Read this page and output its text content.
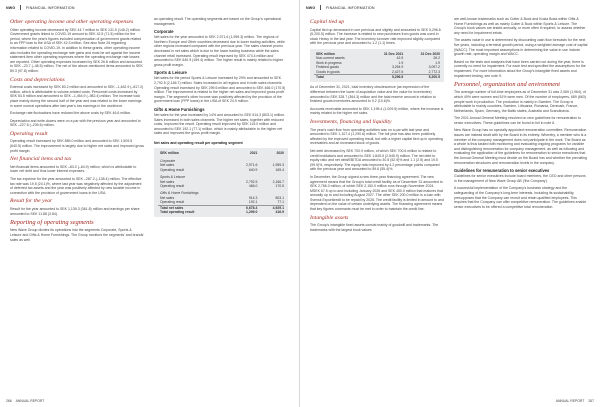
NWG	FINANCIAL INFORMATION
Other operating income and other operating expenses

Other operating income decreased by SEK 44.7 million to SEK 131.5 (146.2) million. Government grants linked to COVID-19 amount to SEK 42.5 (71.5) million for the period, where the year's figures included compensation of government grants related to an FPP loan to the USA of SEK 42.3 million. See also Note 26 regarding information related to COVID-19. In addition to these grants, other operating income also includes the operating exchange rate gains and must be set against the income statement item other operating expenses where the operating exchange rate losses are reported. Other operating expenses increased by SEK 26.8 million and amounted to SEK –23.7 (–48.5) million. The net of the above-mentioned items amounted to SEK 89.3 (97.8) million.

Costs and depreciations

External costs increased by SEK 80.2 million and amounted to SEK –1,462.9 (–817.2) million, which is attributable to volume-related costs. Personnel costs increased by SEK 54.5 million and amounted to SEK –1,454.9 (–982.4) million. The increase took place mainly during the second half of the year and was related to the lower earnings in some normal operations after last year's low earnings in the workforce.

Exchange rate fluctuations have reduced the above costs by SEK 46.6 million.

Depreciation and write-downs were on a par with the previous year and amounted to SEK –227.6 (–239.6) million.

Operating result

Operating result increased by SEK 889.0 million and amounted to SEK 1,509.5 (640.5) million. The improvement is largely due to higher net sales and improved gross profit margin.

Net financial items and tax

Net financial items amounted to SEK –83.0 (–64.9) million, which is attributable to lower net debt and thus lower interest expenses.

The tax expense for the year amounted to SEK –287.2 (–138.4) million. The effective tax rate was 19.5 (24.1)%, where last year was negatively affected by the adjustment of deferred tax assets and the year was positively affected by new taxable income in connection with the provision of government loans in the USA.

Result for the year

Result for the year amounted to SEK 1,139.3 (361.8) million and earnings per share amounted to SEK 11.88 (3.84).

Reporting of operating segments

New Wave Group divides its operations into the segments Corporate, Sports & Leisure and Gifts & Home Furnishings. The Group monitors the segments' and brands' sales as well

as operating result. The operating segments are based on the Group's operational management.

Corporate

Net sales for the year amounted to SEK 2,971.6 (1,959.3) million. The regions of Northern Europe and Other countries decreased due to lower trading activities, while other regions increased compared with the previous year. The sales channel promo decreased in net sales which is due to the lower trading business while the sales channel retail increased. Operating result improved by SEK 474.4 million and amounted to SEK 640.9 (169.4) million. The higher result is mainly related to higher gross profit margin.

Sports & Leisure

Net sales for the period Sports & Leisure increased by 29% and amounted to SEK 2,792.5 (2,166.7) million. Sales increased in all regions and in both sales channels. Operating result increased by SEK 299.6 million and amounted to SEK 466.0 (170.5) million. The improvement is related to the higher net sales and improved gross profit margin. The segment's other income was positively affected by the provision of the government loan (PPP loans) in the USA of SEK 24.9 million.

Gifts & Home Furnishings

Net sales for the year increased by 14% and amounted to SEK 914.3 (803.1) million. Sales increased in both sales channels. The higher net sales, together with reduced costs, improved the result. Operating result improved by SEK 115.0 million and amounted to SEK 192.1 (77.1) million, which is mainly attributable to the higher net sales and improved the gross profit margin.

Net sales and operating result per operating segment
SEK million	2021	2020
Corporate		
Net sales	2,971.6	1,959.3
Operating result	640.9	169.4
Sports & Leisure		
Net sales	2,792.5	2,166.7
Operating result	466.0	170.5
Gifts & Home Furnishings		
Net sales	914.3	803.1
Operating result	192.1	77.1
Total net sales	6,678.4	4,929.1
Total operating result	1,299.0	416.9
266 ANNUAL REPORT
NWG	FINANCIAL INFORMATION
Capital tied up

Capital tied up decreased in one previous and slightly and amounted to SEK 5,296.6 (5,200.5) million. The increase is related to new purchases from goods was used in stock Heavy in the last year. The inventory turnover rate improved slightly compared with the previous year and amounted to 1.2 (1.1) times.

SEK million	31 Dec 2021	31 Dec 2020
Non-current assets	42.5	26.2
Work in progress	1.9	1.9
Finished goods	3,254.9	3,097.2
Goods in goods	2,427.6	2,772.3
Total	5,296.6	5,200.5

As of December 31, 2021, total inventory obsolescence (as expression of the difference between the lower of acquisition value and the value for inventories) amounted to SEK 328.7 (364.3) million and the total reserve amount in relation to finished goods inventories amounted to 9.2 (10.6)%.

Accounts receivable amounted to SEK 1,195.4 (1,009.5) million, where the increase is mainly related to the higher net sales.

Investments, financing and liquidity

The year's cash flow from operating activities was on a par with last year and amounted to SEK 1,107.4 (1,290.6) million. The full year has also been positively affected by the improved operating result, but with a higher capital tied up in operating receivables and an increased stock of goods.

Net debt decreased by SEK 700.9 million, of which SEK 700.6 million is related to credit institutions and amounted to SEK 1,845.5 (2,545.9) million. The net debt to equity ratio and net debt/EBITDA amounted to 30.5 (52.9)% and 1.1 (2.5) and 19.5 (99.9)%, respectively. The equity ratio improved by 4.2 percentage points compared with the previous year and amounted to 59.6 (55.4)%.

In December, the Group signed a new three-year financing agreement. The new agreement means that the Group's total credit facility as of December 31 amounted to SEK 2,766.0 million, of which SEK 2,150.0 million runs through November 2024, MSEK 67.5 up to and including January 2026 and SEK 450.0 million that matures that annually up to and including August 2027. The other SEK 200.0 million is a loan with Svensk Exportkredit to be repaid by 2026. The credit facility is limited in amount to and dependent on the value of certain underlying assets. The financing agreement means that key figures covenants must be met in order to maintain the credit line.

Intangible assets

The Group's intangible fixed assets consist mainly of goodwill and trademarks. The trademarks with the largest book values

are well-known trademarks such as Cutter & Buck and Kosta Boda within Gifts & Home Furnishings as well as mainly Cutter & Buck within Sports & Leisure. The Group's book values are tested annually, or more often if required, to assess whether any need for impairment exists.

The assets value in use is determined by discounting cash flow forecasts for the next five years, including a terminal growth period, using a weighted average cost of capital (WACC). The most important assumptions in determining the value in use include growth rate, operating margin and WACC.

Based on the tests and analyses that have been carried out during the year, there is currently no need for impairment. For each test and specified the assumptions for the impairment. For more information about the Group's intangible fixed assets and impairment testing, see note 9.

Personnel, organization and environment

The average number of full-time employees as of December 31 was 2,069 (1,964), of which 49% were women and 51% were men. Of the number of employees, 689 (663) people work in production. The production is mainly in Sweden. The Group is attributable to mainly countries, Sweden, Lithuania, Romania, Denmark, France, Netherlands, Spain, Germany, the Baltic states, Australia and Scandinavia.

The 2021 Annual General Meeting resolved on new guidelines for remuneration to senior executives. These guidelines can be found in full in note 6.

New Wave Group has no specially appointed remuneration committee. Remuneration issues are instead dealt with by the Board in its entirety. Whereby, a member who is a member of the company management does not participate in the work. The Board as a whole is thus tasked with monitoring and evaluating ongoing programs for variable and distinguishing remuneration for company management, as well as following and evaluating the application of the guidelines for remuneration to senior executives that the Annual General Meeting must decide on the Board has and whether the prevailing remuneration structures and remuneration levels in the company.

Guidelines for remuneration to senior executives

Guidelines for senior executives include board members, the CEO and other persons in the management of New Wave Group AB ('the Company').

A successful implementation of the Company's business strategy and the safeguarding of the Company's long-term interests, including its sustainability, presupposes that the Company can recruit and retain qualified employees. This requires that the Company can offer competitive remuneration. The guidelines enable senior executives to be offered a competitive total remuneration.

ANNUAL REPORT 267
